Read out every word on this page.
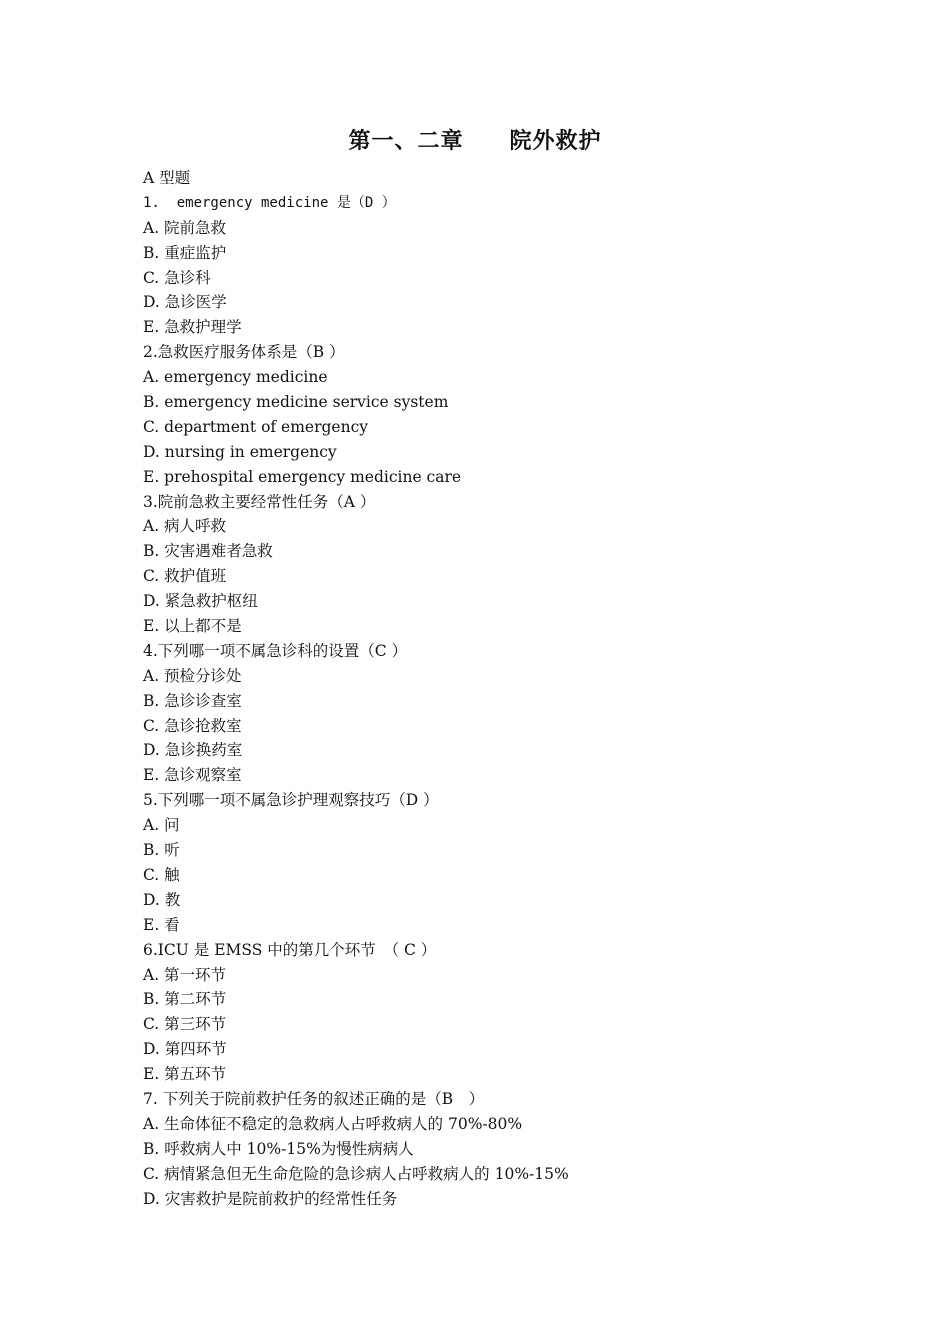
第一、二章　　院外救护
A 型题
1.  emergency medicine 是（D ）
A. 院前急救
B. 重症监护
C. 急诊科
D. 急诊医学
E. 急救护理学
2.急救医疗服务体系是（B ）
A. emergency medicine
B. emergency medicine service system
C. department of emergency
D. nursing in emergency
E. prehospital emergency medicine care
3.院前急救主要经常性任务（A ）
A. 病人呼救
B. 灾害遇难者急救
C. 救护值班
D. 紧急救护枢纽
E. 以上都不是
4.下列哪一项不属急诊科的设置（C ）
A. 预检分诊处
B. 急诊诊查室
C. 急诊抢救室
D. 急诊换药室
E. 急诊观察室
5.下列哪一项不属急诊护理观察技巧（D ）
A. 问
B. 听
C. 触
D. 教
E. 看
6.ICU 是 EMSS 中的第几个环节　（ C ）
A. 第一环节
B. 第二环节
C. 第三环节
D. 第四环节
E. 第五环节
7. 下列关于院前救护任务的叙述正确的是（B　）
A. 生命体征不稳定的急救病人占呼救病人的 70%-80%
B. 呼救病人中 10%-15%为慢性病病人
C. 病情紧急但无生命危险的急诊病人占呼救病人的 10%-15%
D. 灾害救护是院前救护的经常性任务
